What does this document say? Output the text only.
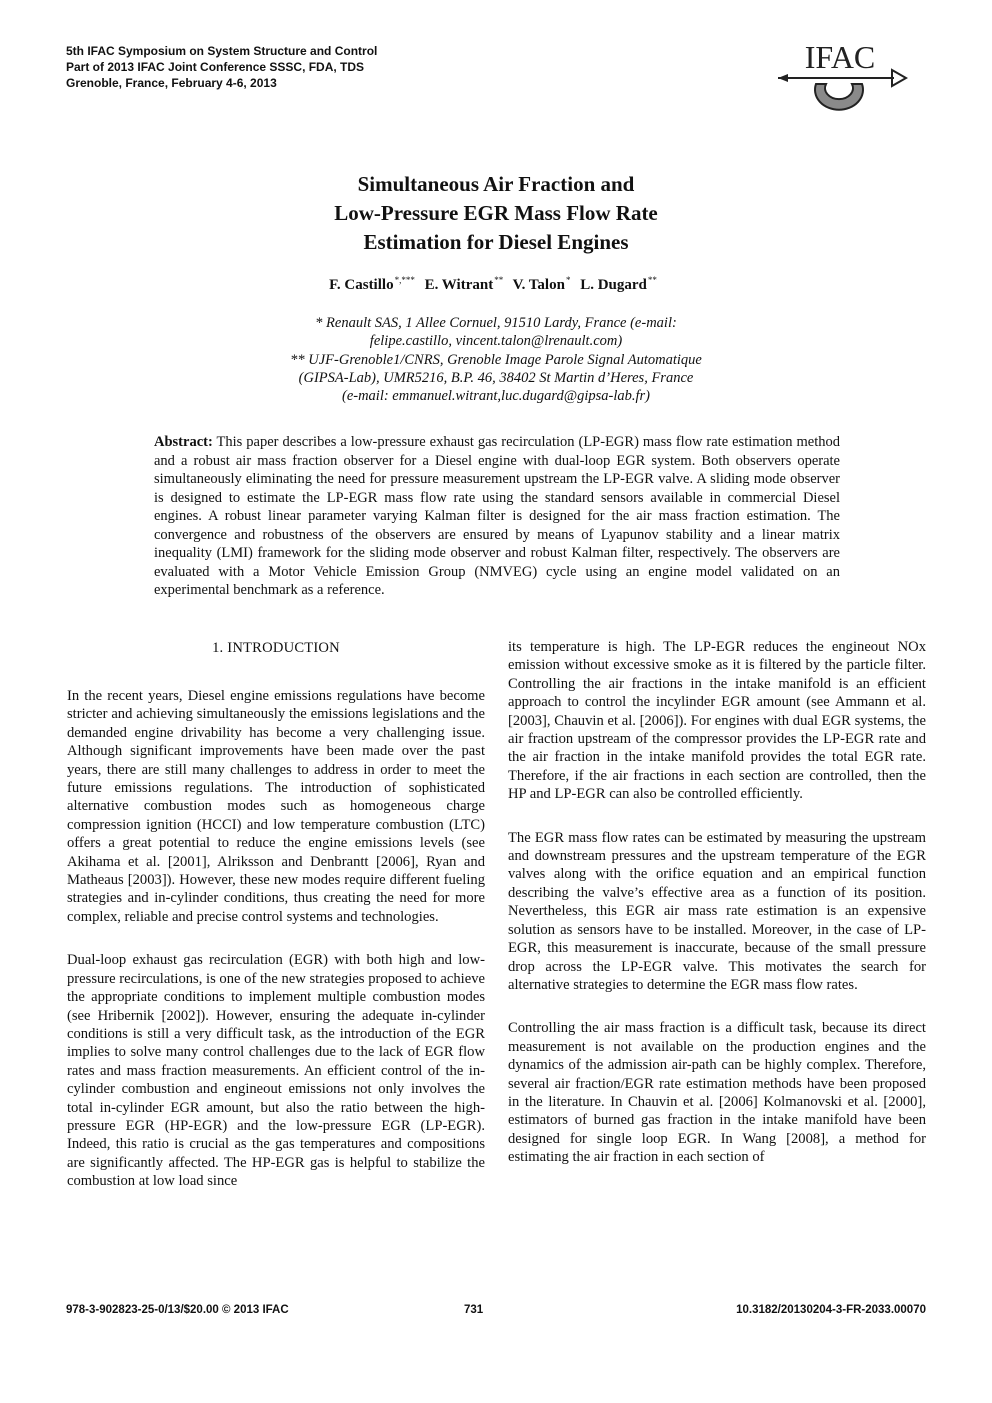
5th IFAC Symposium on System Structure and Control
Part of 2013 IFAC Joint Conference SSSC, FDA, TDS
Grenoble, France, February 4-6, 2013
IFAC
Simultaneous Air Fraction and
Low-Pressure EGR Mass Flow Rate
Estimation for Diesel Engines
F. Castillo*,*** E. Witrant** V. Talon* L. Dugard**
* Renault SAS, 1 Allee Cornuel, 91510 Lardy, France (e-mail:
felipe.castillo, vincent.talon@lrenault.com)
** UJF-Grenoble1/CNRS, Grenoble Image Parole Signal Automatique
(GIPSA-Lab), UMR5216, B.P. 46, 38402 St Martin d’Heres, France
(e-mail: emmanuel.witrant,luc.dugard@gipsa-lab.fr)
Abstract: This paper describes a low-pressure exhaust gas recirculation (LP-EGR) mass flow rate estimation method and a robust air mass fraction observer for a Diesel engine with dual-loop EGR system. Both observers operate simultaneously eliminating the need for pressure measurement upstream the LP-EGR valve. A sliding mode observer is designed to estimate the LP-EGR mass flow rate using the standard sensors available in commercial Diesel engines. A robust linear parameter varying Kalman filter is designed for the air mass fraction estimation. The convergence and robustness of the observers are ensured by means of Lyapunov stability and a linear matrix inequality (LMI) framework for the sliding mode observer and robust Kalman filter, respectively. The observers are evaluated with a Motor Vehicle Emission Group (NMVEG) cycle using an engine model validated on an experimental benchmark as a reference.
1. INTRODUCTION

In the recent years, Diesel engine emissions regulations have become stricter and achieving simultaneously the emissions legislations and the demanded engine drivability has become a very challenging issue. Although significant improvements have been made over the past years, there are still many challenges to address in order to meet the future emissions regulations. The introduction of sophisticated alternative combustion modes such as homogeneous charge compression ignition (HCCI) and low temperature combustion (LTC) offers a great potential to reduce the engine emissions levels (see Akihama et al. [2001], Alriksson and Denbrantt [2006], Ryan and Matheaus [2003]). However, these new modes require different fueling strategies and in-cylinder conditions, thus creating the need for more complex, reliable and precise control systems and technologies.

Dual-loop exhaust gas recirculation (EGR) with both high and low-pressure recirculations, is one of the new strategies proposed to achieve the appropriate conditions to implement multiple combustion modes (see Hribernik [2002]). However, ensuring the adequate in-cylinder conditions is still a very difficult task, as the introduction of the EGR implies to solve many control challenges due to the lack of EGR flow rates and mass fraction measurements. An efficient control of the in-cylinder combustion and engineout emissions not only involves the total in-cylinder EGR amount, but also the ratio between the high-pressure EGR (HP-EGR) and the low-pressure EGR (LP-EGR). Indeed, this ratio is crucial as the gas temperatures and compositions are significantly affected. The HP-EGR gas is helpful to stabilize the combustion at low load since

its temperature is high. The LP-EGR reduces the engineout NOx emission without excessive smoke as it is filtered by the particle filter. Controlling the air fractions in the intake manifold is an efficient approach to control the incylinder EGR amount (see Ammann et al. [2003], Chauvin et al. [2006]). For engines with dual EGR systems, the air fraction upstream of the compressor provides the LP-EGR rate and the air fraction in the intake manifold provides the total EGR rate. Therefore, if the air fractions in each section are controlled, then the HP and LP-EGR can also be controlled efficiently.

The EGR mass flow rates can be estimated by measuring the upstream and downstream pressures and the upstream temperature of the EGR valves along with the orifice equation and an empirical function describing the valve’s effective area as a function of its position. Nevertheless, this EGR air mass rate estimation is an expensive solution as sensors have to be installed. Moreover, in the case of LPEGR, this measurement is inaccurate, because of the small pressure drop across the LP-EGR valve. This motivates the search for alternative strategies to determine the EGR mass flow rates.

Controlling the air mass fraction is a difficult task, because its direct measurement is not available on the production engines and the dynamics of the admission air-path can be highly complex. Therefore, several air fraction/EGR rate estimation methods have been proposed in the literature. In Chauvin et al. [2006] Kolmanovski et al. [2000], estimators of burned gas fraction in the intake manifold have been designed for single loop EGR. In Wang [2008], a method for estimating the air fraction in each section of

978-3-902823-25-0/13/$20.00 © 2013 IFAC	731	10.3182/20130204-3-FR-2033.00070
